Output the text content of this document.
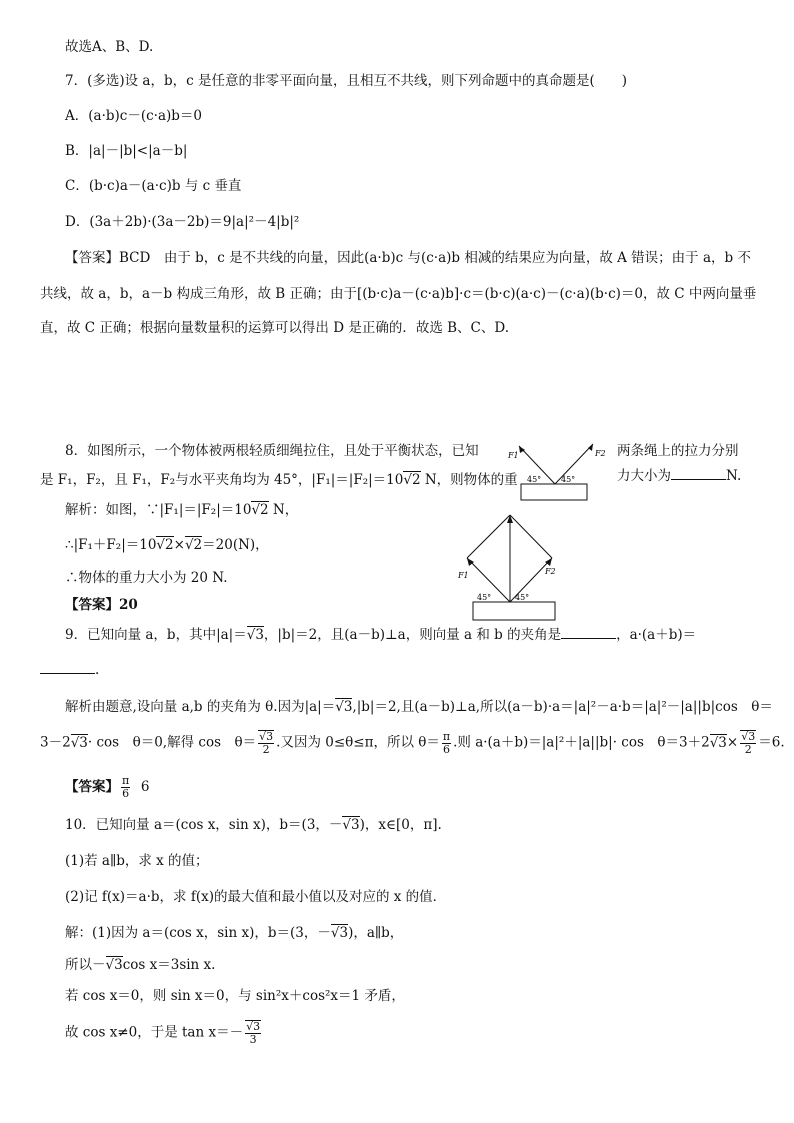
故选A、B、D.
7．(多选)设 a，b，c 是任意的非零平面向量，且相互不共线，则下列命题中的真命题是(　　)
A．(a·b)c－(c·a)b＝0
B．|a|－|b|<|a－b|
C．(b·c)a－(a·c)b 与 c 垂直
D．(3a＋2b)·(3a－2b)＝9|a|²－4|b|²
【答案】BCD　由于 b，c 是不共线的向量，因此(a·b)c 与(c·a)b 相减的结果应为向量，故 A 错误；由于 a，b 不
共线，故 a，b，a－b 构成三角形，故 B 正确；由于[(b·c)a－(c·a)b]·c＝(b·c)(a·c)－(c·a)(b·c)＝0，故 C 中两向量垂
直，故 C 正确；根据向量数量积的运算可以得出 D 是正确的．故选 B、C、D.
8．如图所示，一个物体被两根轻质细绳拉住，且处于平衡状态，已知	两条绳上的拉力分别
是 F₁，F₂，且 F₁，F₂与水平夹角均为 45°，|F₁|＝|F₂|＝10√2 N，则物体的重	力大小为	N.
F1	F2
45° 45°
解析：如图，∵|F₁|＝|F₂|＝10√2 N，
∴|F₁＋F₂|＝10√2×√2＝20(N)，
∴物体的重力大小为 20 N.
【答案】20
F1	F2
45°	45°
9．已知向量 a，b，其中|a|＝√3，|b|＝2，且(a－b)⊥a，则向量 a 和 b 的夹角是	，a·(a＋b)＝
.
解析由题意,设向量 a,b 的夹角为 θ.因为|a|＝√3,|b|＝2,且(a－b)⊥a,所以(a－b)·a＝|a|²－a·b＝|a|²－|a||b|cos　θ＝
3－2√3· cos　θ＝0,解得 cos　$\theta= \frac{√3}{2}$ .又因为 0≤θ≤π，所以 $\theta= \frac{\pi}{6}$ .则 a·(a＋b)＝|a|²＋|a||b|· cos　$\theta=3+2√3\times \frac{√3}{2} =6$.
【答案】 $\frac{\pi}{6} 6$
10．已知向量 a＝(cos x，sin x)，b＝(3，－√3)，x∈[0，π].
(1)若 a∥b，求 x 的值；
(2)记 f(x)＝a·b，求 f(x)的最大值和最小值以及对应的 x 的值．
解：(1)因为 a＝(cos x，sin x)，b＝(3，－√3)，a∥b，
所以－√3cos x＝3sin x.
若 cos x＝0，则 sin x＝0，与 sin²x＋cos²x＝1 矛盾，
故 cos x≠0，于是 $\tan x=- \frac{√3}{3}$
